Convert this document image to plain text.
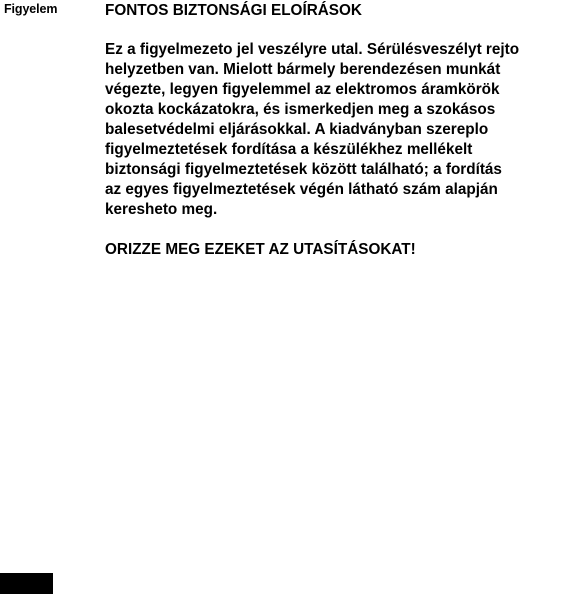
Figyelem	FONTOS BIZTONSÁGI ELOÍRÁSOK

Ez a figyelmezeto jel veszélyre utal. Sérülésveszélyt rejto
helyzetben van. Mielott bármely berendezésen munkát
végezte, legyen figyelemmel az elektromos áramkörök
okozta kockázatokra, és ismerkedjen meg a szokásos
balesetvédelmi eljárásokkal. A kiadványban szereplo
figyelmeztetések fordítása a készülékhez mellékelt
biztonsági figyelmeztetések között található; a fordítás
az egyes figyelmeztetések végén látható szám alapján
kereshetо meg.

ORIZZE MEG EZEKET AZ UTASÍTÁSOKAT!
